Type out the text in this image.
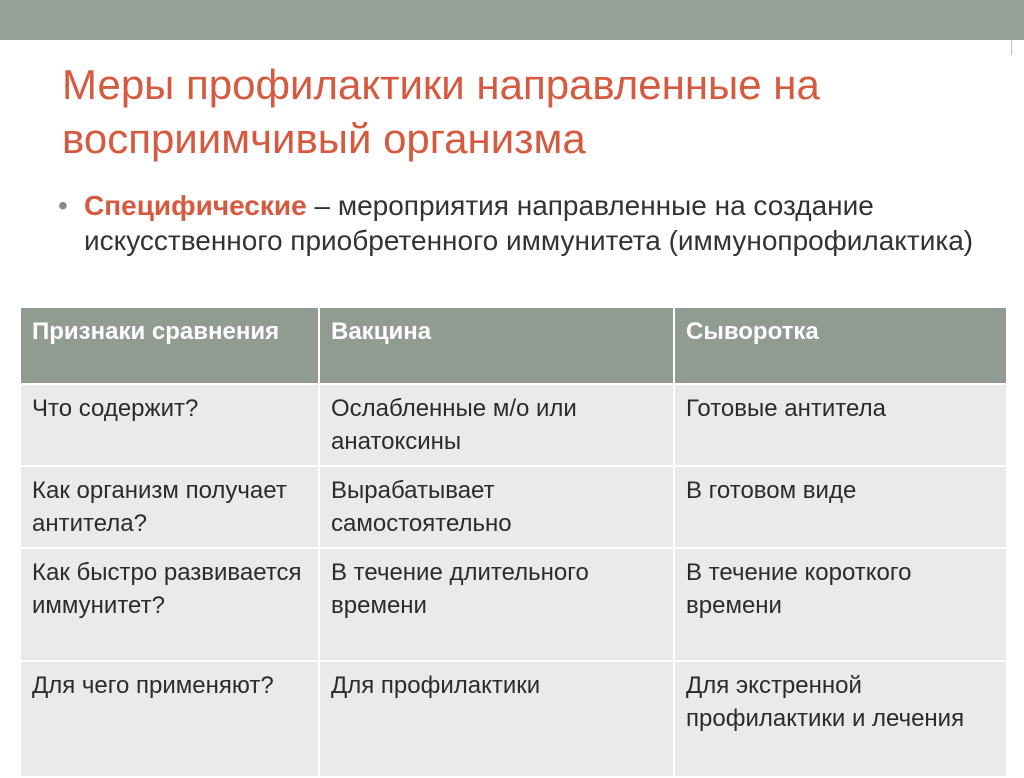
Меры профилактики направленные на восприимчивый организма
• Специфические – мероприятия направленные на создание искусственного приобретенного иммунитета (иммунопрофилактика)
Признаки сравнения	Вакцина	Сыворотка
Что содержит?	Ослабленные м/о или анатоксины	Готовые антитела
Как организм получает антитела?	Вырабатывает самостоятельно	В готовом виде
Как быстро развивается иммунитет?	В течение длительного времени	В течение короткого времени
Для чего применяют?	Для профилактики	Для экстренной профилактики и лечения
